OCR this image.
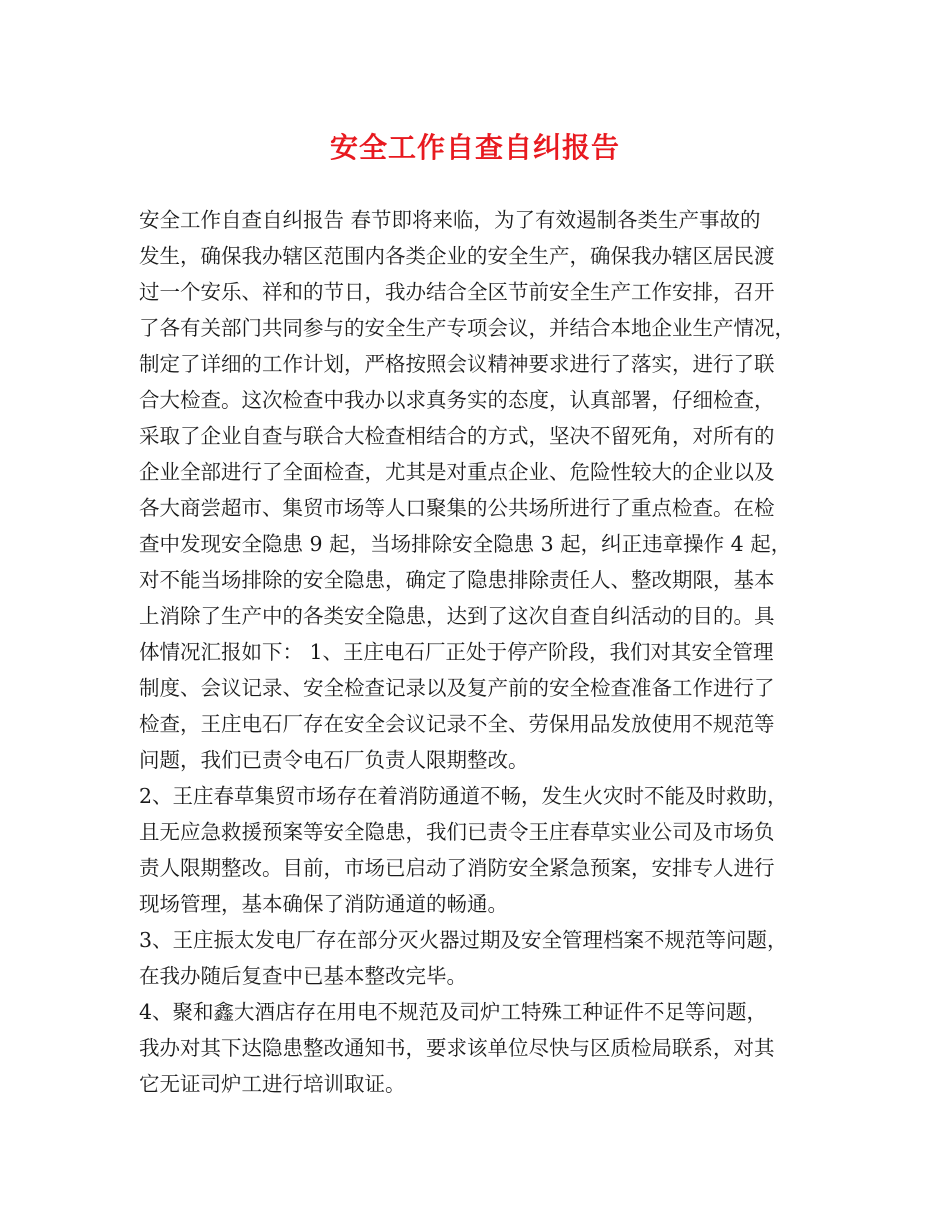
安全工作自查自纠报告
安全工作自查自纠报告 春节即将来临，为了有效遏制各类生产事故的
发生，确保我办辖区范围内各类企业的安全生产，确保我办辖区居民渡
过一个安乐、祥和的节日，我办结合全区节前安全生产工作安排，召开
了各有关部门共同参与的安全生产专项会议，并结合本地企业生产情况，
制定了详细的工作计划，严格按照会议精神要求进行了落实，进行了联
合大检查。这次检查中我办以求真务实的态度，认真部署，仔细检查，
采取了企业自查与联合大检查相结合的方式，坚决不留死角，对所有的
企业全部进行了全面检查，尤其是对重点企业、危险性较大的企业以及
各大商尝超市、集贸市场等人口聚集的公共场所进行了重点检查。在检
查中发现安全隐患 9 起，当场排除安全隐患 3 起，纠正违章操作 4 起，
对不能当场排除的安全隐患，确定了隐患排除责任人、整改期限，基本
上消除了生产中的各类安全隐患，达到了这次自查自纠活动的目的。具
体情况汇报如下： 1、王庄电石厂正处于停产阶段，我们对其安全管理
制度、会议记录、安全检查记录以及复产前的安全检查准备工作进行了
检查，王庄电石厂存在安全会议记录不全、劳保用品发放使用不规范等
问题，我们已责令电石厂负责人限期整改。
2、王庄春草集贸市场存在着消防通道不畅，发生火灾时不能及时救助，
且无应急救援预案等安全隐患，我们已责令王庄春草实业公司及市场负
责人限期整改。目前，市场已启动了消防安全紧急预案，安排专人进行
现场管理，基本确保了消防通道的畅通。
3、王庄振太发电厂存在部分灭火器过期及安全管理档案不规范等问题，
在我办随后复查中已基本整改完毕。
4、聚和鑫大酒店存在用电不规范及司炉工特殊工种证件不足等问题，
我办对其下达隐患整改通知书，要求该单位尽快与区质检局联系，对其
它无证司炉工进行培训取证。
